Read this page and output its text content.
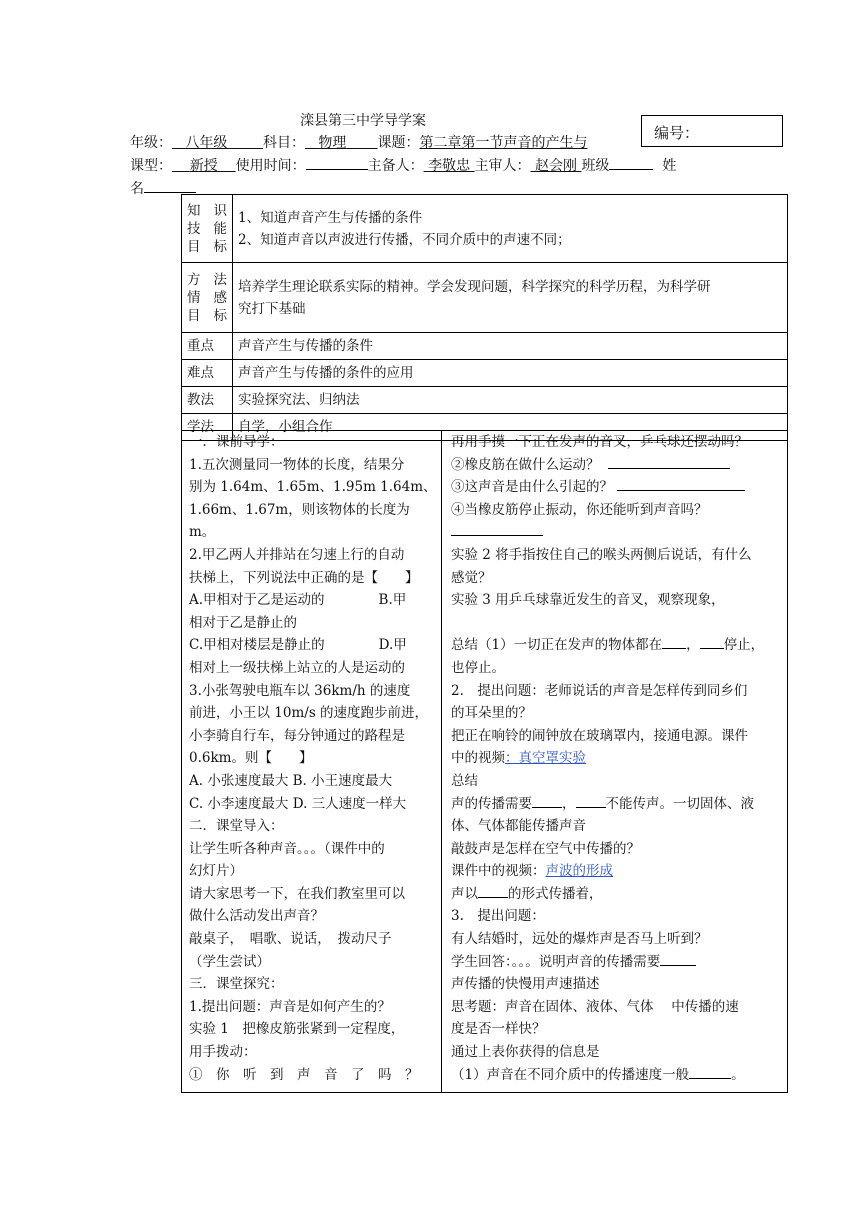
滦县第三中学导学案
编号：
年级： 八年级	科目： 物理 课题：第二章第一节声音的产生与
课型： 新授 使用时间：	主备人： 李敬忠 主审人： 赵会刚 班级	姓
名
知识技能目标	1、知道声音产生与传播的条件
2、知道声音以声波进行传播，不同介质中的声速不同；

方法情感目标	培养学生理论联系实际的精神。学会发现问题，科学探究的科学历程，为科学研
究打下基础

重点	声音产生与传播的条件
难点	声音产生与传播的条件的应用
教法	实验探究法、归纳法
学法	自学，小组合作
一．课前导学：
1.五次测量同一物体的长度，结果分
别为 1.64m、1.65m、1.95m 1.64m、
1.66m、1.67m，则该物体的长度为
m。
2.甲乙两人并排站在匀速上行的自动
扶梯上，下列说法中正确的是【　　】
A.甲相对于乙是运动的　　　　B.甲
相对于乙是静止的
C.甲相对楼层是静止的　　　　D.甲
相对上一级扶梯上站立的人是运动的
3.小张驾驶电瓶车以 36km/h 的速度
前进，小王以 10m/s 的速度跑步前进，
小李骑自行车，每分钟通过的路程是
0.6km。则【　　】
A. 小张速度最大 B. 小王速度最大
C. 小李速度最大 D. 三人速度一样大
二．课堂导入：
让学生听各种声音。。。（课件中的
幻灯片）
请大家思考一下，在我们教室里可以
做什么活动发出声音？
敲桌子，　唱歌、说话，　拨动尺子
（学生尝试）
三．课堂探究：
1.提出问题：声音是如何产生的？
实验 1　把橡皮筋张紧到一定程度，
用手拨动：
①　你　听　到　声　音　了　吗　？
再用手摸一下正在发声的音叉，乒乓球还摆动吗？
②橡皮筋在做什么运动？
③这声音是由什么引起的？
④当橡皮筋停止振动，你还能听到声音吗？
实验 2 将手指按住自己的喉头两侧后说话，有什么
感觉？
实验 3 用乒乓球靠近发生的音叉，观察现象，

总结（1）一切正在发声的物体都在 ， 停止，
也停止。
2.　提出问题：老师说话的声音是怎样传到同乡们
的耳朵里的？
把正在响铃的闹钟放在玻璃罩内，接通电源。课件
中的视频：真空罩实验
总结
声的传播需要 ， 不能传声。一切固体、液
体、气体都能传播声音
敲鼓声是怎样在空气中传播的？
课件中的视频：声波的形成
声以 的形式传播着，
3.　提出问题：
有人结婚时，远处的爆炸声是否马上听到？
学生回答：。。。说明声音的传播需要
声传播的快慢用声速描述
思考题：声音在固体、液体、气体　 中传播的速
度是否一样快？
通过上表你获得的信息是
（1）声音在不同介质中的传播速度一般	。
